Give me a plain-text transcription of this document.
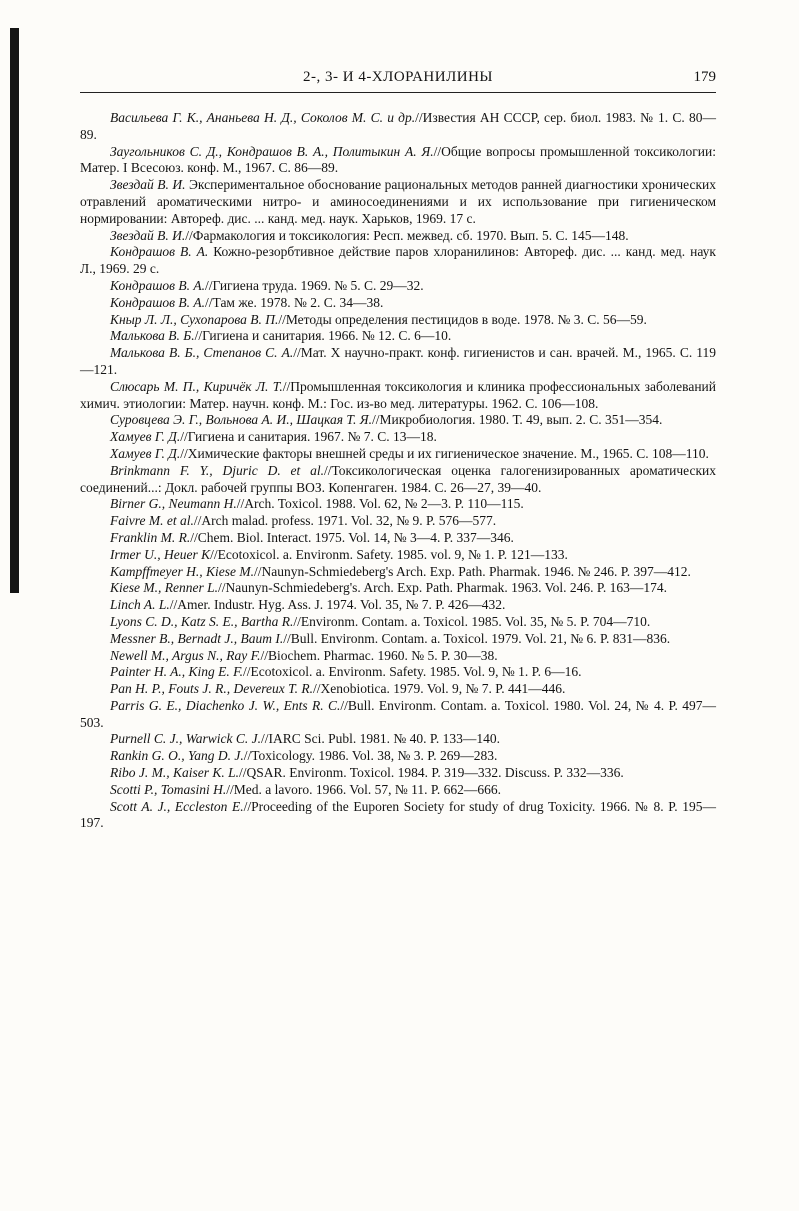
2-, 3- И 4-ХЛОРАНИЛИНЫ	179
Васильева Г. К., Ананьева Н. Д., Соколов М. С. и др.//Известия АН СССР, сер. биол. 1983. № 1. С. 80—89.
Заугольников С. Д., Кондрашов В. А., Политыкин А. Я.//Общие вопросы промышленной токсикологии: Матер. I Всесоюз. конф. М., 1967. С. 86—89.
Звездай В. И. Экспериментальное обоснование рациональных методов ранней диагностики хронических отравлений ароматическими нитро- и аминосоединениями и их использование при гигиеническом нормировании: Автореф. дис. ... канд. мед. наук. Харьков, 1969. 17 с.
Звездай В. И.//Фармакология и токсикология: Респ. межвед. сб. 1970. Вып. 5. С. 145—148.
Кондрашов В. А. Кожно-резорбтивное действие паров хлоранилинов: Автореф. дис. ... канд. мед. наук Л., 1969. 29 с.
Кондрашов В. А.//Гигиена труда. 1969. № 5. С. 29—32.
Кондрашов В. А.//Там же. 1978. № 2. С. 34—38.
Кныр Л. Л., Сухопарова В. П.//Методы определения пестицидов в воде. 1978. № 3. С. 56—59.
Малькова В. Б.//Гигиена и санитария. 1966. № 12. С. 6—10.
Малькова В. Б., Степанов С. А.//Мат. X научно-практ. конф. гигиенистов и сан. врачей. М., 1965. С. 119—121.
Слюсарь М. П., Киричёк Л. Т.//Промышленная токсикология и клиника профессиональных заболеваний химич. этиологии: Матер. научн. конф. М.: Гос. из-во мед. литературы. 1962. С. 106—108.
Суровцева Э. Г., Вольнова А. И., Шацкая Т. Я.//Микробиология. 1980. Т. 49, вып. 2. С. 351—354.
Хамуев Г. Д.//Гигиена и санитария. 1967. № 7. С. 13—18.
Хамуев Г. Д.//Химические факторы внешней среды и их гигиеническое значение. М., 1965. С. 108—110.
Brinkmann F. Y., Djuric D. et al.//Токсикологическая оценка галогенизированных ароматических соединений...: Докл. рабочей группы ВОЗ. Копенгаген. 1984. С. 26—27, 39—40.
Birner G., Neumann H.//Arch. Toxicol. 1988. Vol. 62, № 2—3. P. 110—115.
Faivre M. et al.//Arch malad. profess. 1971. Vol. 32, № 9. P. 576—577.
Franklin M. R.//Chem. Biol. Interact. 1975. Vol. 14, № 3—4. P. 337—346.
Irmer U., Heuer K//Ecotoxicol. a. Environm. Safety. 1985. vol. 9, № 1. P. 121—133.
Kampffmeyer H., Kiese M.//Naunyn-Schmiedeberg's Arch. Exp. Path. Pharmak. 1946. № 246. P. 397—412.
Kiese M., Renner L.//Naunyn-Schmiedeberg's. Arch. Exp. Path. Pharmak. 1963. Vol. 246. P. 163—174.
Linch A. L.//Amer. Industr. Hyg. Ass. J. 1974. Vol. 35, № 7. P. 426—432.
Lyons C. D., Katz S. E., Bartha R.//Environm. Contam. a. Toxicol. 1985. Vol. 35, № 5. P. 704—710.
Messner B., Bernadt J., Baum I.//Bull. Environm. Contam. a. Toxicol. 1979. Vol. 21, № 6. P. 831—836.
Newell M., Argus N., Ray F.//Biochem. Pharmac. 1960. № 5. P. 30—38.
Painter H. A., King E. F.//Ecotoxicol. a. Environm. Safety. 1985. Vol. 9, № 1. P. 6—16.
Pan H. P., Fouts J. R., Devereux T. R.//Xenobiotica. 1979. Vol. 9, № 7. P. 441—446.
Parris G. E., Diachenko J. W., Ents R. C.//Bull. Environm. Contam. a. Toxicol. 1980. Vol. 24, № 4. P. 497—503.
Purnell C. J., Warwick C. J.//IARC Sci. Publ. 1981. № 40. P. 133—140.
Rankin G. O., Yang D. J.//Toxicology. 1986. Vol. 38, № 3. P. 269—283.
Ribo J. M., Kaiser K. L.//QSAR. Environm. Toxicol. 1984. P. 319—332. Discuss. P. 332—336.
Scotti P., Tomasini H.//Med. a lavoro. 1966. Vol. 57, № 11. P. 662—666.
Scott A. J., Eccleston E.//Proceeding of the Euporen Society for study of drug Toxicity. 1966. № 8. P. 195—197.
